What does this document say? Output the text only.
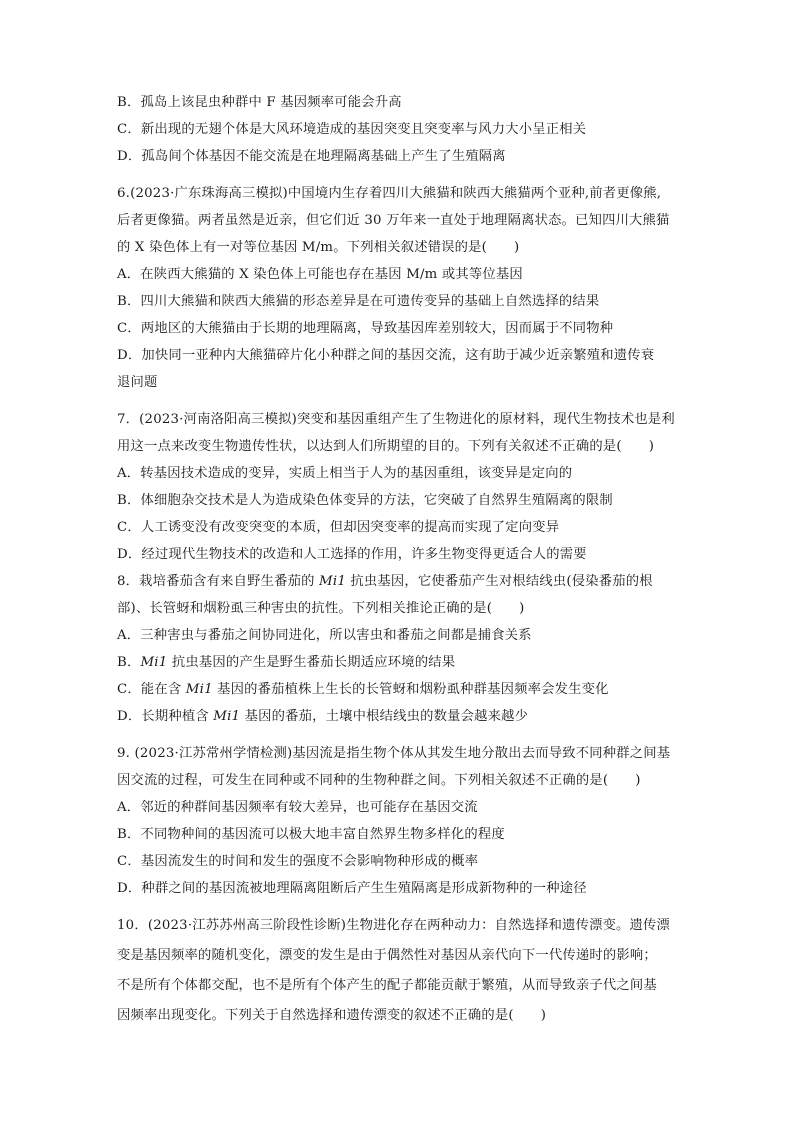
B．孤岛上该昆虫种群中 F 基因频率可能会升高
C．新出现的无翅个体是大风环境造成的基因突变且突变率与风力大小呈正相关
D．孤岛间个体基因不能交流是在地理隔离基础上产生了生殖隔离
6.(2023·广东珠海高三模拟)中国境内生存着四川大熊猫和陕西大熊猫两个亚种,前者更像熊,
后者更像猫。两者虽然是近亲，但它们近 30 万年来一直处于地理隔离状态。已知四川大熊猫
的 X 染色体上有一对等位基因 M/m。下列相关叙述错误的是(　　)
A．在陕西大熊猫的 X 染色体上可能也存在基因 M/m 或其等位基因
B．四川大熊猫和陕西大熊猫的形态差异是在可遗传变异的基础上自然选择的结果
C．两地区的大熊猫由于长期的地理隔离，导致基因库差别较大，因而属于不同物种
D．加快同一亚种内大熊猫碎片化小种群之间的基因交流，这有助于减少近亲繁殖和遗传衰
退问题
7．(2023·河南洛阳高三模拟)突变和基因重组产生了生物进化的原材料，现代生物技术也是利
用这一点来改变生物遗传性状，以达到人们所期望的目的。下列有关叙述不正确的是(　　)
A．转基因技术造成的变异，实质上相当于人为的基因重组，该变异是定向的
B．体细胞杂交技术是人为造成染色体变异的方法，它突破了自然界生殖隔离的限制
C．人工诱变没有改变突变的本质，但却因突变率的提高而实现了定向变异
D．经过现代生物技术的改造和人工选择的作用，许多生物变得更适合人的需要
8．栽培番茄含有来自野生番茄的 Mi1 抗虫基因，它使番茄产生对根结线虫(侵染番茄的根
部)、长管蚜和烟粉虱三种害虫的抗性。下列相关推论正确的是(　　)
A．三种害虫与番茄之间协同进化，所以害虫和番茄之间都是捕食关系
B．Mi1 抗虫基因的产生是野生番茄长期适应环境的结果
C．能在含 Mi1 基因的番茄植株上生长的长管蚜和烟粉虱种群基因频率会发生变化
D．长期种植含 Mi1 基因的番茄，土壤中根结线虫的数量会越来越少
9. (2023·江苏常州学情检测)基因流是指生物个体从其发生地分散出去而导致不同种群之间基
因交流的过程，可发生在同种或不同种的生物种群之间。下列相关叙述不正确的是(　　)
A．邻近的种群间基因频率有较大差异，也可能存在基因交流
B．不同物种间的基因流可以极大地丰富自然界生物多样化的程度
C．基因流发生的时间和发生的强度不会影响物种形成的概率
D．种群之间的基因流被地理隔离阻断后产生生殖隔离是形成新物种的一种途径
10．(2023·江苏苏州高三阶段性诊断)生物进化存在两种动力：自然选择和遗传漂变。遗传漂
变是基因频率的随机变化，漂变的发生是由于偶然性对基因从亲代向下一代传递时的影响；
不是所有个体都交配，也不是所有个体产生的配子都能贡献于繁殖，从而导致亲子代之间基
因频率出现变化。下列关于自然选择和遗传漂变的叙述不正确的是(　　)
